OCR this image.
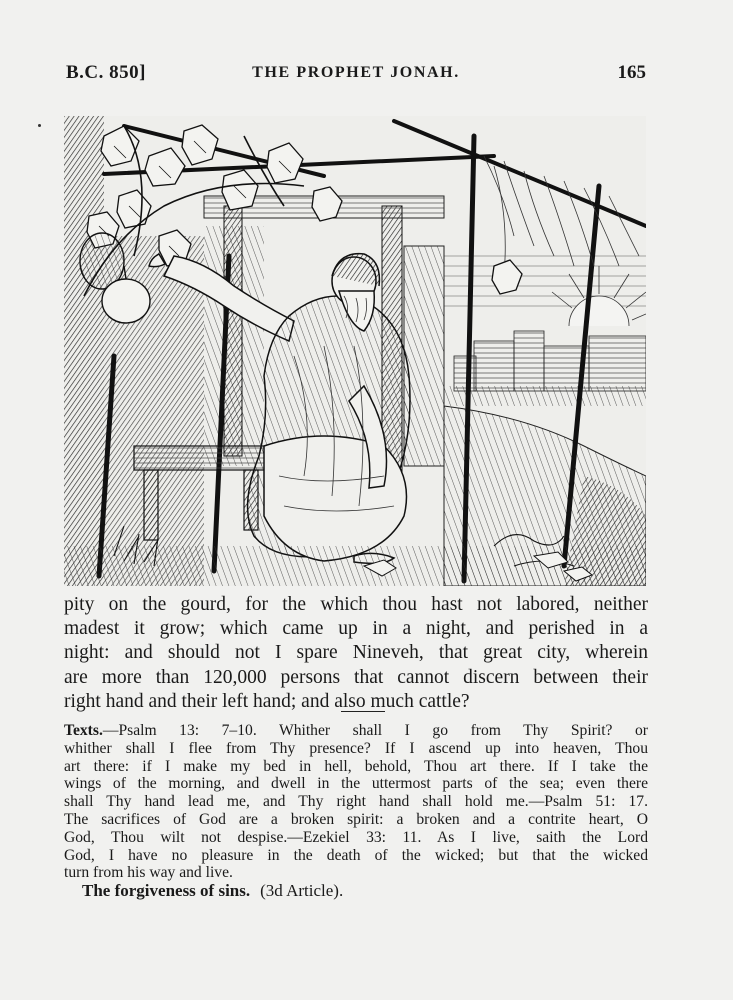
B.C. 850]	THE PROPHET JONAH.	165
pity on the gourd, for the which thou hast not labored, neither
madest it grow; which came up in a night, and perished in a
night: and should not I spare Nineveh, that great city, wherein
are more than 120,000 persons that cannot discern between their
right hand and their left hand; and also much cattle?
Texts.—Psalm 13: 7–10. Whither shall I go from Thy Spirit? or
whither shall I flee from Thy presence? If I ascend up into heaven, Thou
art there: if I make my bed in hell, behold, Thou art there. If I take the
wings of the morning, and dwell in the uttermost parts of the sea; even there
shall Thy hand lead me, and Thy right hand shall hold me.—Psalm 51: 17.
The sacrifices of God are a broken spirit: a broken and a contrite heart, O
God, Thou wilt not despise.—Ezekiel 33: 11. As I live, saith the Lord
God, I have no pleasure in the death of the wicked; but that the wicked
turn from his way and live.
The forgiveness of sins. (3d Article).
